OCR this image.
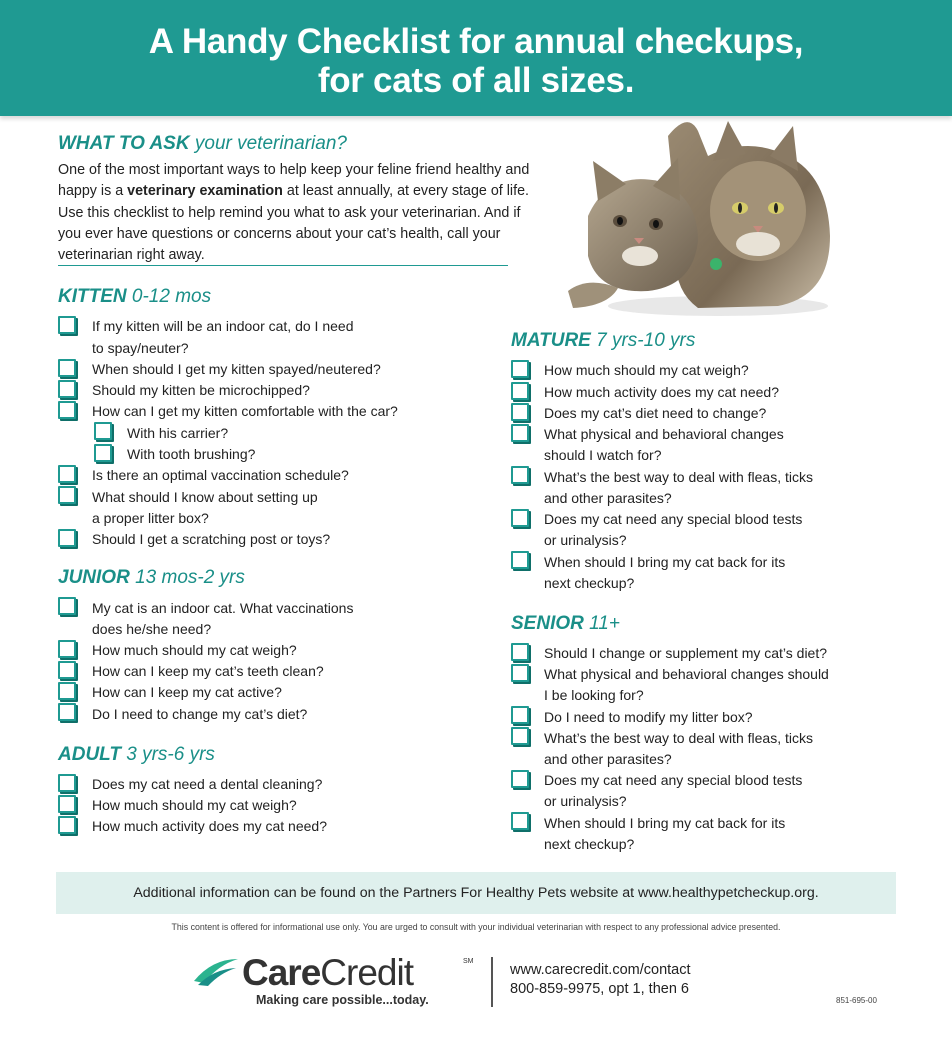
A Handy Checklist for annual checkups,
for cats of all sizes.
WHAT TO ASK your veterinarian?
One of the most important ways to help keep your feline friend healthy and happy is a veterinary examination at least annually, at every stage of life. Use this checklist to help remind you what to ask your veterinarian. And if you ever have questions or concerns about your cat’s health, call your veterinarian right away.
KITTEN 0-12 mos
JUNIOR 13 mos-2 yrs
ADULT 3 yrs-6 yrs
MATURE 7 yrs-10 yrs
SENIOR 11+
If my kitten will be an indoor cat, do I need
to spay/neuter?
When should I get my kitten spayed/neutered?
Should my kitten be microchipped?
How can I get my kitten comfortable with the car?
With his carrier?
With tooth brushing?
Is there an optimal vaccination schedule?
What should I know about setting up
a proper litter box?
Should I get a scratching post or toys?
My cat is an indoor cat. What vaccinations
does he/she need?
How much should my cat weigh?
How can I keep my cat’s teeth clean?
How can I keep my cat active?
Do I need to change my cat’s diet?
Does my cat need a dental cleaning?
How much should my cat weigh?
How much activity does my cat need?
How much should my cat weigh?
How much activity does my cat need?
Does my cat’s diet need to change?
What physical and behavioral changes
should I watch for?
What’s the best way to deal with fleas, ticks
and other parasites?
Does my cat need any special blood tests
or urinalysis?
When should I bring my cat back for its
next checkup?
Should I change or supplement my cat’s diet?
What physical and behavioral changes should
I be looking for?
Do I need to modify my litter box?
What’s the best way to deal with fleas, ticks
and other parasites?
Does my cat need any special blood tests
or urinalysis?
When should I bring my cat back for its
next checkup?
Additional information can be found on the Partners For Healthy Pets website at www.healthypetcheckup.org.
This content is offered for informational use only. You are urged to consult with your individual veterinarian with respect to any professional advice presented.
CareCredit	SM
Making care possible...today.
www.carecredit.com/contact
800-859-9975, opt 1, then 6
851-695-00
